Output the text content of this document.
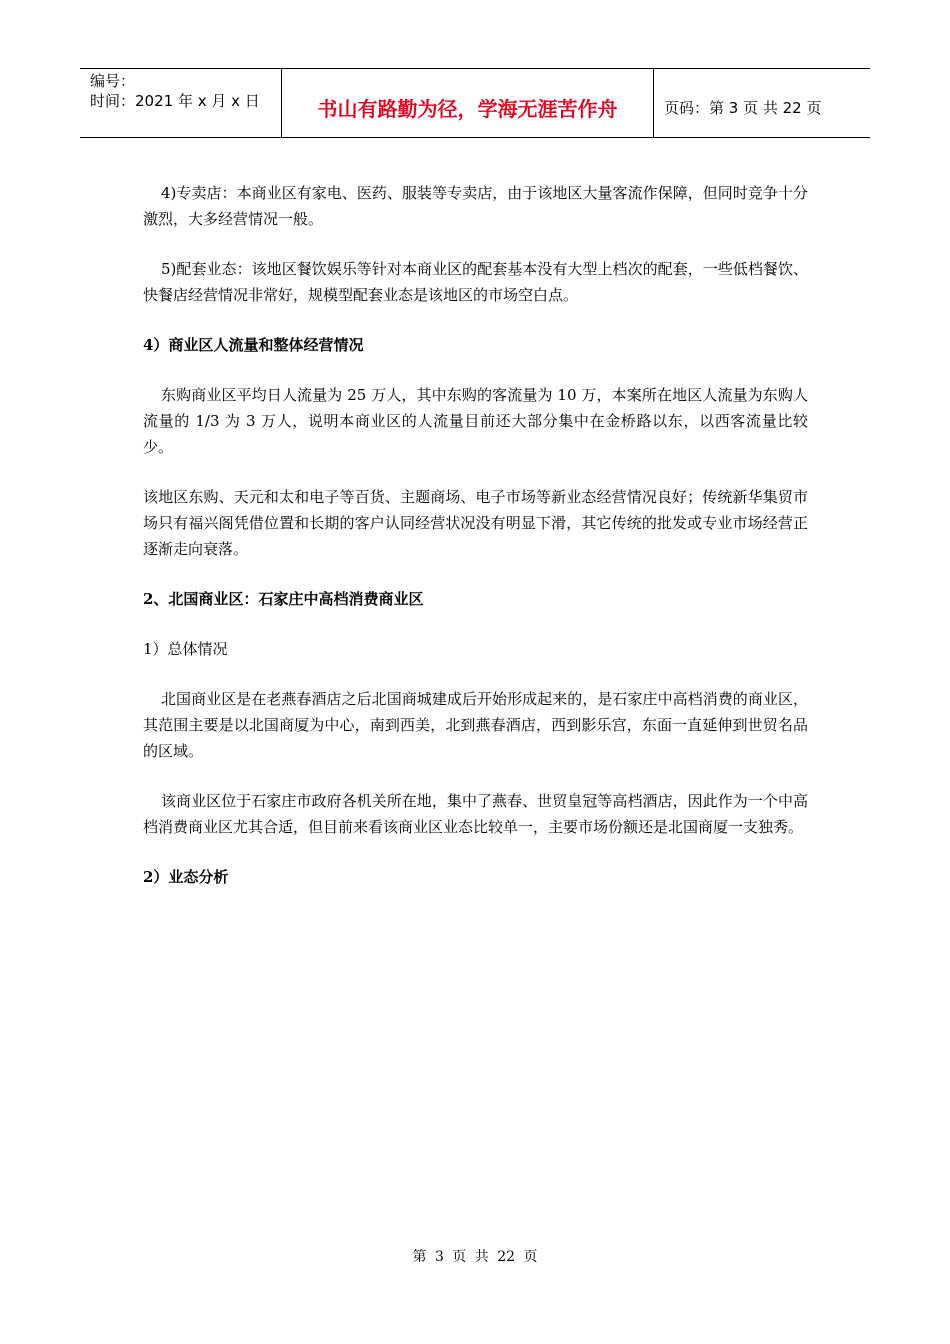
编号：
时间：2021 年 x 月 x 日	书山有路勤为径，学海无涯苦作舟	页码：第 3 页 共 22 页

4)专卖店：本商业区有家电、医药、服装等专卖店，由于该地区大量客流作保障，但同时竞争十分激烈，大多经营情况一般。

5)配套业态：该地区餐饮娱乐等针对本商业区的配套基本没有大型上档次的配套，一些低档餐饮、快餐店经营情况非常好，规模型配套业态是该地区的市场空白点。

4）商业区人流量和整体经营情况

东购商业区平均日人流量为 25 万人，其中东购的客流量为 10 万，本案所在地区人流量为东购人流量的 1/3 为 3 万人，说明本商业区的人流量目前还大部分集中在金桥路以东，以西客流量比较少。

该地区东购、天元和太和电子等百货、主题商场、电子市场等新业态经营情况良好；传统新华集贸市场只有福兴阁凭借位置和长期的客户认同经营状况没有明显下滑，其它传统的批发或专业市场经营正逐渐走向衰落。

2、北国商业区：石家庄中高档消费商业区

1）总体情况

北国商业区是在老燕春酒店之后北国商城建成后开始形成起来的，是石家庄中高档消费的商业区，其范围主要是以北国商厦为中心，南到西美，北到燕春酒店，西到影乐宫，东面一直延伸到世贸名品的区域。

该商业区位于石家庄市政府各机关所在地，集中了燕春、世贸皇冠等高档酒店，因此作为一个中高档消费商业区尤其合适，但目前来看该商业区业态比较单一，主要市场份额还是北国商厦一支独秀。

2）业态分析

第 3 页 共 22 页
